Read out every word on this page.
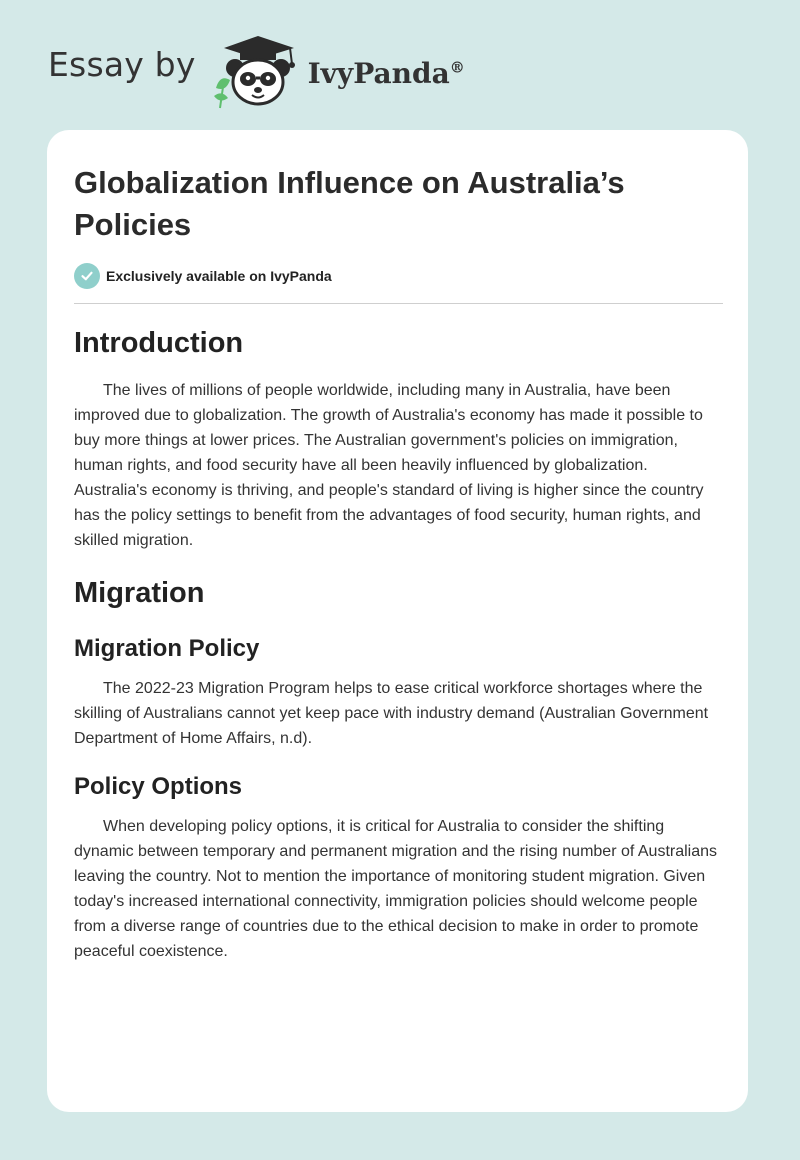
Essay by	IvyPanda®
Globalization Influence on Australia’s Policies
Exclusively available on IvyPanda
Introduction

The lives of millions of people worldwide, including many in Australia, have been improved due to globalization. The growth of Australia's economy has made it possible to buy more things at lower prices. The Australian government's policies on immigration, human rights, and food security have all been heavily influenced by globalization. Australia's economy is thriving, and people's standard of living is higher since the country has the policy settings to benefit from the advantages of food security, human rights, and skilled migration.

Migration
Migration Policy

The 2022-23 Migration Program helps to ease critical workforce shortages where the skilling of Australians cannot yet keep pace with industry demand (Australian Government Department of Home Affairs, n.d).

Policy Options

When developing policy options, it is critical for Australia to consider the shifting dynamic between temporary and permanent migration and the rising number of Australians leaving the country. Not to mention the importance of monitoring student migration. Given today's increased international connectivity, immigration policies should welcome people from a diverse range of countries due to the ethical decision to make in order to promote peaceful coexistence.
